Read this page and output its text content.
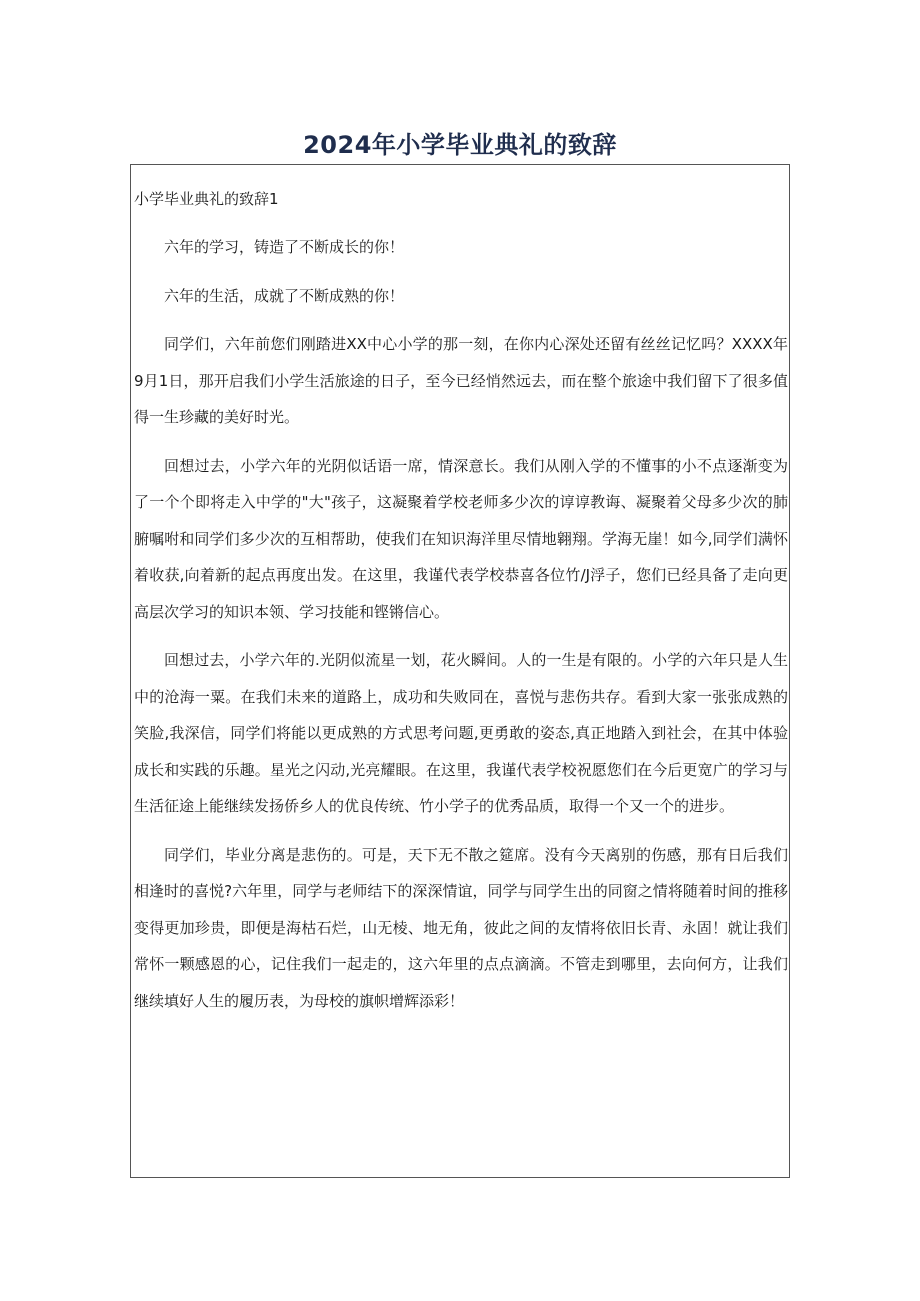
2024年小学毕业典礼的致辞

小学毕业典礼的致辞1

六年的学习，铸造了不断成长的你！

六年的生活，成就了不断成熟的你！

同学们，六年前您们刚踏进XX中心小学的那一刻，在你内心深处还留有丝丝记忆吗？XXXX年9月1日，那开启我们小学生活旅途的日子，至今已经悄然远去，而在整个旅途中我们留下了很多值得一生珍藏的美好时光。

回想过去，小学六年的光阴似话语一席，情深意长。我们从刚入学的不懂事的小不点逐渐变为了一个个即将走入中学的"大"孩子，这凝聚着学校老师多少次的谆谆教诲、凝聚着父母多少次的肺腑嘱咐和同学们多少次的互相帮助，使我们在知识海洋里尽情地翱翔。学海无崖！如今,同学们满怀着收获,向着新的起点再度出发。在这里，我谨代表学校恭喜各位竹/J浮子，您们已经具备了走向更高层次学习的知识本领、学习技能和铿锵信心。

回想过去，小学六年的.光阴似流星一划，花火瞬间。人的一生是有限的。小学的六年只是人生中的沧海一粟。在我们未来的道路上，成功和失败同在，喜悦与悲伤共存。看到大家一张张成熟的笑脸,我深信，同学们将能以更成熟的方式思考问题,更勇敢的姿态,真正地踏入到社会，在其中体验成长和实践的乐趣。星光之闪动,光亮耀眼。在这里，我谨代表学校祝愿您们在今后更宽广的学习与生活征途上能继续发扬侨乡人的优良传统、竹小学子的优秀品质，取得一个又一个的进步。

同学们，毕业分离是悲伤的。可是，天下无不散之筵席。没有今天离别的伤感，那有日后我们相逢时的喜悦?六年里，同学与老师结下的深深情谊，同学与同学生出的同窗之情将随着时间的推移变得更加珍贵，即便是海枯石烂，山无棱、地无角，彼此之间的友情将依旧长青、永固！就让我们常怀一颗感恩的心，记住我们一起走的，这六年里的点点滴滴。不管走到哪里，去向何方，让我们继续填好人生的履历表，为母校的旗帜增辉添彩！
